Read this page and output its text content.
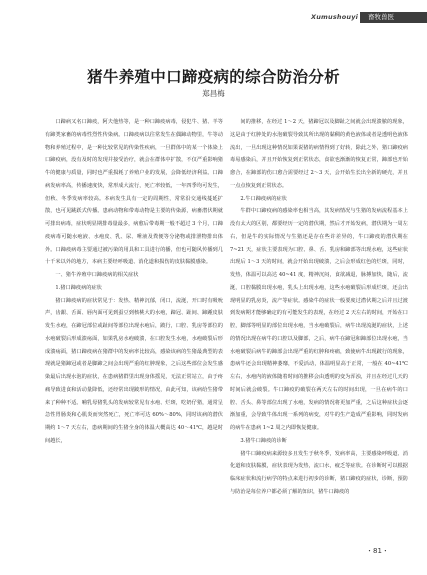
Xumushouyi 畜牧兽医
猪牛养殖中口蹄疫病的综合防治分析
郑昌梅

口蹄病又名口蹄疫，阿夫他热等，是一种口蹄疫病毒，侵犯牛、猪、羊等有蹄类家畜的病毒性烈性传染病。口蹄疫病以往常发生在偶蹄动物里，牛等动物和养殖过程中，是一种比较常见的传染性疾病，一旦群体中的某一个体染上口蹄疫病，没有及时的发现并接受治疗，就会在群体中扩散，不仅严重影响猪牛的健康与质量，同时也严重损耗了养殖户业的发展，会降低经济利益。口蹄病发病率高，传播速度快，常形成大流行，死亡率较低，一年四季均可发生，但秋、冬季发病率较高。本病发生具有一定的周期性，常常沿交通线蔓延扩散，也可见跳跃式传播。患病动物和带毒动物是主要的传染源，病畜潜伏期就可排出病毒，症状明显期排毒量最多，病愈后带毒期一般不超过 3 个月，口蹄疫病毒可随水疱液、水疱皮、乳、尿、唾液及粪便等分泌物或排泄物排出体外。口蹄疫病毒主要通过被污染的用具和工具进行的播，但也可随风传播到几十千米以外的地方，本病主要经呼吸道、消化道和损伤的皮肤黏膜感染。

一、猪牛养殖中口蹄疫病的相关症状

1.猪口蹄疫病的症状

猪口蹄疫病的症状常见于：发热、精神沉郁，闭口，流涎，开口时有吸吮声，齿龈、舌面、唇内面可见到蚕豆到核桃大的水疱，蹄冠、趾间、蹄踵皮肤发生水疱，在蹄冠部位或趾间等部位出现水疱后，跛行，口腔、乳房等部位的水疱破裂后形成溃疡面，如果乳房水疱破溃，在口腔发生水疱，水疱破裂后形成溃疡面，猪口蹄疫病在猪群中的发病率比较高，感染该病的生猪最典型的表现就是猪蹄冠或者是脚蹄之间会出现严重的红肿现象，之后这些部位会发生感染最后出现水泡的症状，在患病猪群里出现身体摇晃，无法正常站立，由于疼痛导致进食和活动量降低，还经常出现跛形的情况，由此可知，该病给生猪带来了种种不适。哺乳母猪乳头的发病较常见有水疱、烂斑，吃奶仔猪，通常呈急性胃肠炎和心肌炎而突然死亡，死亡率可达 60%～80%，同时该病的潜伏期约 1～7 天左右，患病期间的生猪全身的体温大概高达 40～41℃，越是时间越长，

间的推移，在经过 1～2 天，猪蹄冠以及脚趾之间就会出现溃脓的现象，这是由于红肿处的水泡破裂导致其所出现的黏稠的黄色液体或者是透明色液体流出，一旦出现这种情况如果说猪的病情得到了好转，除此之外，猪口蹄疫病毒易感染后，并且开始恢复到正常状态，食欲也渐渐的恢复正常，蹄部也开始愈合，在蹄部的伤口愈合需要经过 2～3 天，会开始生长出全新的硬壳，并且一点点恢复到正常状态。

2.牛口蹄疫病的症状

牛群中口蹄疫病的感染率也相当高，其发病情况与生猪的发病流程基本上没有太大的区别，都要经历一定的潜伏期，然后才开始发病，潜伏期为一周左右，但是牛的实际情况与生猪还是存在些许差异的，牛口蹄疫的潜伏期在 7~21 天，症状主要表现为口腔、鼻、舌、乳房和蹄部等出现水疱，这些症状出现后 1～3 天的时间，就会开始出现破溃，之后会形成红色的烂斑，同时，发热，体温可以高达 40~41 度，精神沉闷，食欲减退，脉搏加快，随后，流涎，口腔黏膜出现水疱，乳头上出现水疱，这些水疱破裂后形成烂斑，还会出现明显的乳房炎，流产等症状。感染牛的症状一般要度过潜伏期之后并且过渡到发病期才能够确定的有可能发生的表现，在经过 2 天左右的时间，开始在口腔，脚部等明显的部位出现水疱，当水疱破裂后，病牛出现流涎的症状，上述的情况出现在病牛的口腔以及脚部，之后，病牛在蹄冠和蹄部位出现水疱，当水疱破裂后病牛的蹄部会出现严重的红肿和疼痛，致使病牛出现跛行的现象，患病牛还会出现精神萎靡，不爱活动，体温明显高于正常，一般在 40~41℃左右，水疱内的液体随着时间的推移会由透明的变为浑浊，并且在经过几天的时间后就会破裂。牛口蹄疫的破裂在两天左右的时间出现，一旦在病牛的口腔、舌头、鼻等部位出现了水疱，发病的情况将更加严重，之后这种症状会逐渐加重，会导致牛体出现一系列的病变，对牛的生产造成严重影响，同时发病的病牛在患病 1~2 周之内即恢复健康。

3.猪牛口蹄疫的诊断

猪牛口蹄疫病来源较多且发生于秋冬季，发病率高，主要感染呼吸道、消化道和皮肤黏膜，症状表现为发热，流口水，疲乏等症状。在诊断时可以根据临床症状和流行病学的特点来进行初步的诊断，猪口蹄疫的症状，诊断，预防与防治是每位养户都必须了解的知识，猪牛口蹄疫的

・81・
